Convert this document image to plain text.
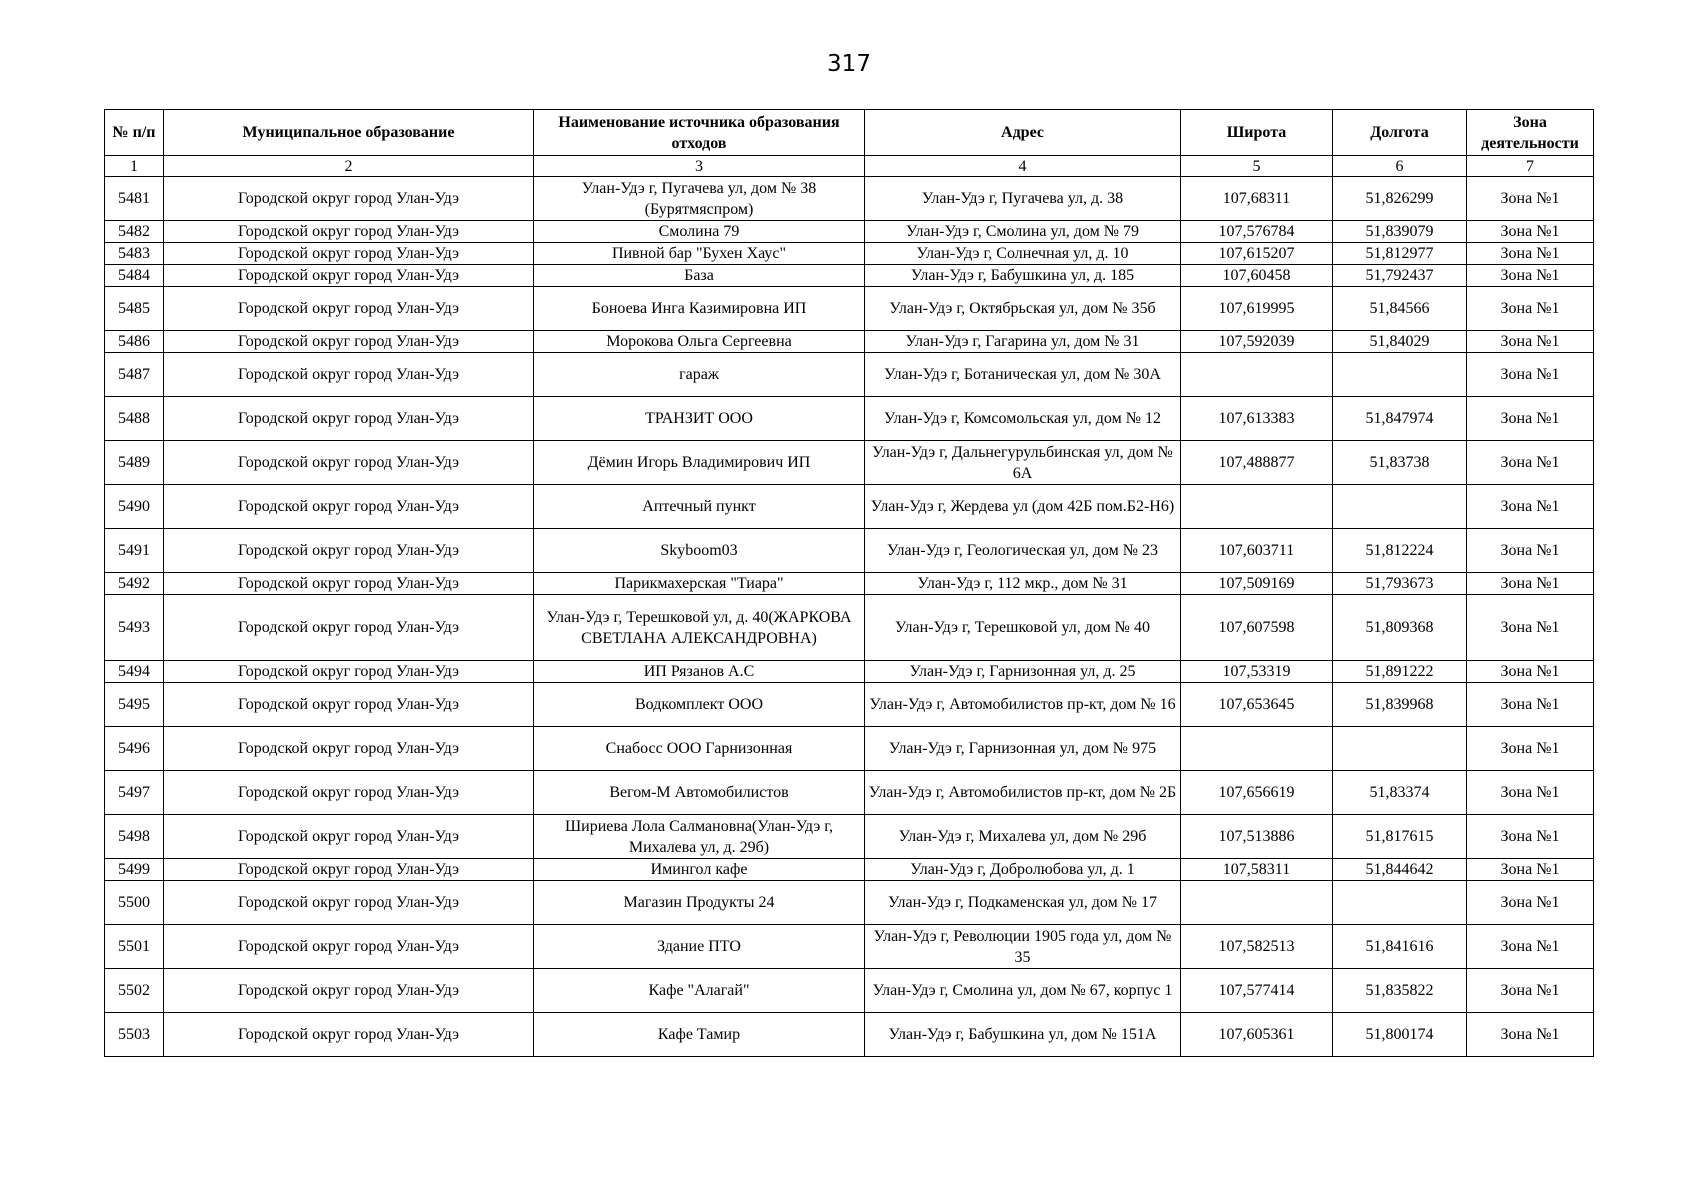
317
№ п/п	Муниципальное образование	Наименование источника образования отходов	Адрес	Широта	Долгота	Зона деятельности
1	2	3	4	5	6	7
5481	Городской округ город Улан-Удэ	Улан-Удэ г, Пугачева ул, дом № 38 (Бурятмяспром)	Улан-Удэ г, Пугачева ул, д. 38	107,68311	51,826299	Зона №1
5482	Городской округ город Улан-Удэ	Смолина 79	Улан-Удэ г, Смолина ул, дом № 79	107,576784	51,839079	Зона №1
5483	Городской округ город Улан-Удэ	Пивной бар "Бухен Хаус"	Улан-Удэ г, Солнечная ул, д. 10	107,615207	51,812977	Зона №1
5484	Городской округ город Улан-Удэ	База	Улан-Удэ г, Бабушкина ул, д. 185	107,60458	51,792437	Зона №1
5485	Городской округ город Улан-Удэ	Боноева Инга Казимировна ИП	Улан-Удэ г, Октябрьская ул, дом № 35б	107,619995	51,84566	Зона №1
5486	Городской округ город Улан-Удэ	Морокова Ольга Сергеевна	Улан-Удэ г, Гагарина ул, дом № 31	107,592039	51,84029	Зона №1
5487	Городской округ город Улан-Удэ	гараж	Улан-Удэ г, Ботаническая ул, дом № 30А			Зона №1
5488	Городской округ город Улан-Удэ	ТРАНЗИТ ООО	Улан-Удэ г, Комсомольская ул, дом № 12	107,613383	51,847974	Зона №1
5489	Городской округ город Улан-Удэ	Дёмин Игорь Владимирович ИП	Улан-Удэ г, Дальнегурульбинская ул, дом № 6А	107,488877	51,83738	Зона №1
5490	Городской округ город Улан-Удэ	Аптечный пункт	Улан-Удэ г, Жердева ул (дом 42Б пом.Б2-Н6)			Зона №1
5491	Городской округ город Улан-Удэ	Skyboom03	Улан-Удэ г, Геологическая ул, дом № 23	107,603711	51,812224	Зона №1
5492	Городской округ город Улан-Удэ	Парикмахерская "Тиара"	Улан-Удэ г, 112 мкр., дом № 31	107,509169	51,793673	Зона №1
5493	Городской округ город Улан-Удэ	Улан-Удэ г, Терешковой ул, д. 40(ЖАРКОВА СВЕТЛАНА АЛЕКСАНДРОВНА)	Улан-Удэ г, Терешковой ул, дом № 40	107,607598	51,809368	Зона №1
5494	Городской округ город Улан-Удэ	ИП Рязанов А.С	Улан-Удэ г, Гарнизонная ул, д. 25	107,53319	51,891222	Зона №1
5495	Городской округ город Улан-Удэ	Водкомплект ООО	Улан-Удэ г, Автомобилистов пр-кт, дом № 16	107,653645	51,839968	Зона №1
5496	Городской округ город Улан-Удэ	Снабосс ООО Гарнизонная	Улан-Удэ г, Гарнизонная ул, дом № 975			Зона №1
5497	Городской округ город Улан-Удэ	Вегом-М Автомобилистов	Улан-Удэ г, Автомобилистов пр-кт, дом № 2Б	107,656619	51,83374	Зона №1
5498	Городской округ город Улан-Удэ	Шириева Лола Салмановна(Улан-Удэ г, Михалева ул, д. 29б)	Улан-Удэ г, Михалева ул, дом № 29б	107,513886	51,817615	Зона №1
5499	Городской округ город Улан-Удэ	Имингол кафе	Улан-Удэ г, Добролюбова ул, д. 1	107,58311	51,844642	Зона №1
5500	Городской округ город Улан-Удэ	Магазин Продукты 24	Улан-Удэ г, Подкаменская ул, дом № 17			Зона №1
5501	Городской округ город Улан-Удэ	Здание ПТО	Улан-Удэ г, Революции 1905 года ул, дом № 35	107,582513	51,841616	Зона №1
5502	Городской округ город Улан-Удэ	Кафе "Алагай"	Улан-Удэ г, Смолина ул, дом № 67, корпус 1	107,577414	51,835822	Зона №1
5503	Городской округ город Улан-Удэ	Кафе Тамир	Улан-Удэ г, Бабушкина ул, дом № 151А	107,605361	51,800174	Зона №1
